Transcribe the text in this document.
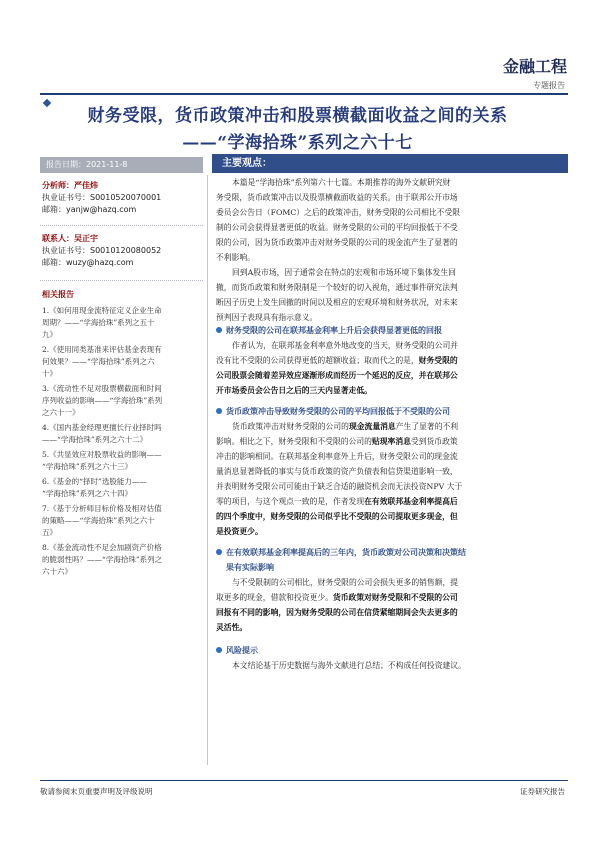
金融工程
专题报告
财务受限，货币政策冲击和股票横截面收益之间的关系
——“学海拾珠”系列之六十七
报告日期：2021-11-8	主要观点：
分析师：严佳炜
执业证书号：S0010520070001
邮箱：yanjw@hazq.com
联系人：吴正宇
执业证书号：S0010120080052
邮箱：wuzy@hazq.com
相关报告
1.《如何用现金流特征定义企业生命
周期？——“学海拾珠”系列之五十
九》
2.《使用同类基准来评估基金表现有
何效果？——“学海拾珠”系列之六
十》
3.《流动性不足对股票横截面和时间
序列收益的影响——“学海拾珠”系列
之六十一》
4.《国内基金经理更擅长行业择时吗
——“学海拾珠”系列之六十二》
5.《共显效应对股票收益的影响——
“学海拾珠”系列之六十三》
6.《基金的“择时”选股能力——
“学海拾珠”系列之六十四》
7.《基于分析师目标价格及相对估值
的策略——“学海拾珠”系列之六十
五》
8.《基金流动性不足会加剧资产价格
的脆弱性吗？——“学海拾珠”系列之
六十六》
本篇是“学海拾珠”系列第六十七篇。本期推荐的海外文献研究财
务受限，货币政策冲击以及股票横截面收益的关系。由于联邦公开市场
委员会公告日（FOMC）之后的政策冲击，财务受限的公司相比不受限
制的公司会获得显著更低的收益。财务受限的公司的平均回报低于不受
限的公司，因为货币政策冲击对财务受限的公司的现金流产生了显著的
不利影响。
回到A股市场，因子通常会在特点的宏观和市场环境下集体发生回
撤，而货币政策和财务限制是一个较好的切入视角，通过事件研究法判
断因子历史上发生回撤的时间以及相应的宏观环境和财务状况，对未来
预判因子表现具有指示意义。
财务受限的公司在联邦基金利率上升后会获得显著更低的回报
作者认为，在联邦基金利率意外地改变的当天，财务受限的公司并
没有比不受限的公司获得更低的超额收益；取而代之的是，财务受限的
公司股票会随着差异效应逐渐形成而经历一个延迟的反应，并在联邦公
开市场委员会公告日之后的三天内显著走低。
货币政策冲击导致财务受限的公司的平均回报低于不受限的公司
货币政策冲击对财务受限的公司的现金流量消息产生了显著的不利
影响。相比之下，财务受限和不受限的公司的贴现率消息受到货币政策
冲击的影响相同。在联邦基金利率意外上升后，财务受限公司的现金流
量消息显著降低的事实与货币政策的资产负债表和信贷渠道影响一致，
并表明财务受限公司可能由于缺乏合适的融资机会而无法投资NPV 大于
零的项目，与这个观点一致的是，作者发现在有效联邦基金利率提高后
的四个季度中，财务受限的公司似乎比不受限的公司提取更多现金，但
是投资更少。
在有效联邦基金利率提高后的三年内，货币政策对公司决策和决策结
果有实际影响
与不受限制的公司相比，财务受限的公司会损失更多的销售额，提
取更多的现金，借款和投资更少。货币政策对财务受限和不受限的公司
回报有不同的影响，因为财务受限的公司在信贷紧缩期间会失去更多的
灵活性。
风险提示
本文结论基于历史数据与海外文献进行总结；不构成任何投资建议。
敬请参阅末页重要声明及评级说明	证券研究报告
